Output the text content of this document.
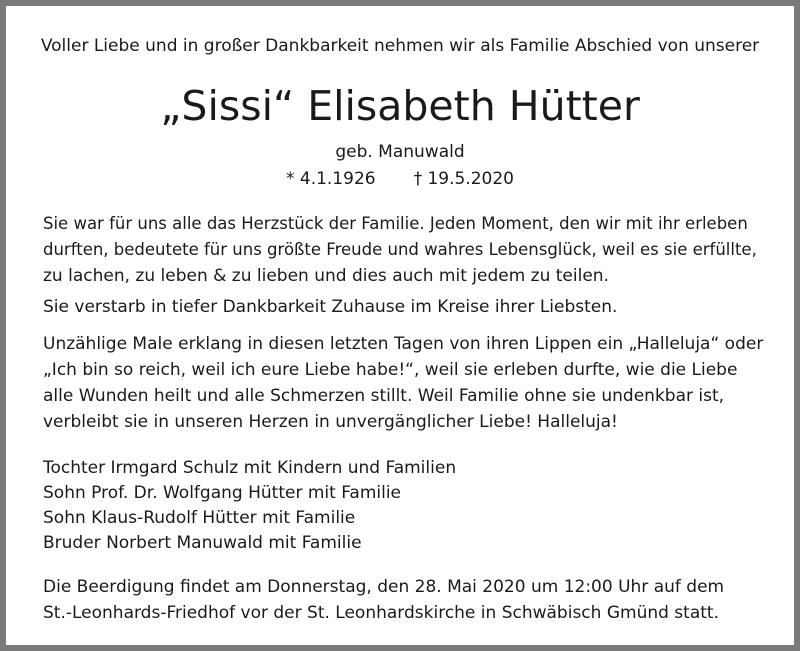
Voller Liebe und in großer Dankbarkeit nehmen wir als Familie Abschied von unserer
„Sissi“ Elisabeth Hütter
geb. Manuwald
* 4.1.1926 † 19.5.2020
Sie war für uns alle das Herzstück der Familie. Jeden Moment, den wir mit ihr erleben
durften, bedeutete für uns größte Freude und wahres Lebensglück, weil es sie erfüllte,
zu lachen, zu leben & zu lieben und dies auch mit jedem zu teilen.
Sie verstarb in tiefer Dankbarkeit Zuhause im Kreise ihrer Liebsten.
Unzählige Male erklang in diesen letzten Tagen von ihren Lippen ein „Halleluja“ oder
„Ich bin so reich, weil ich eure Liebe habe!“, weil sie erleben durfte, wie die Liebe
alle Wunden heilt und alle Schmerzen stillt. Weil Familie ohne sie undenkbar ist,
verbleibt sie in unseren Herzen in unvergänglicher Liebe! Halleluja!
Tochter Irmgard Schulz mit Kindern und Familien
Sohn Prof. Dr. Wolfgang Hütter mit Familie
Sohn Klaus-Rudolf Hütter mit Familie
Bruder Norbert Manuwald mit Familie
Die Beerdigung findet am Donnerstag, den 28. Mai 2020 um 12:00 Uhr auf dem
St.-Leonhards-Friedhof vor der St. Leonhardskirche in Schwäbisch Gmünd statt.
